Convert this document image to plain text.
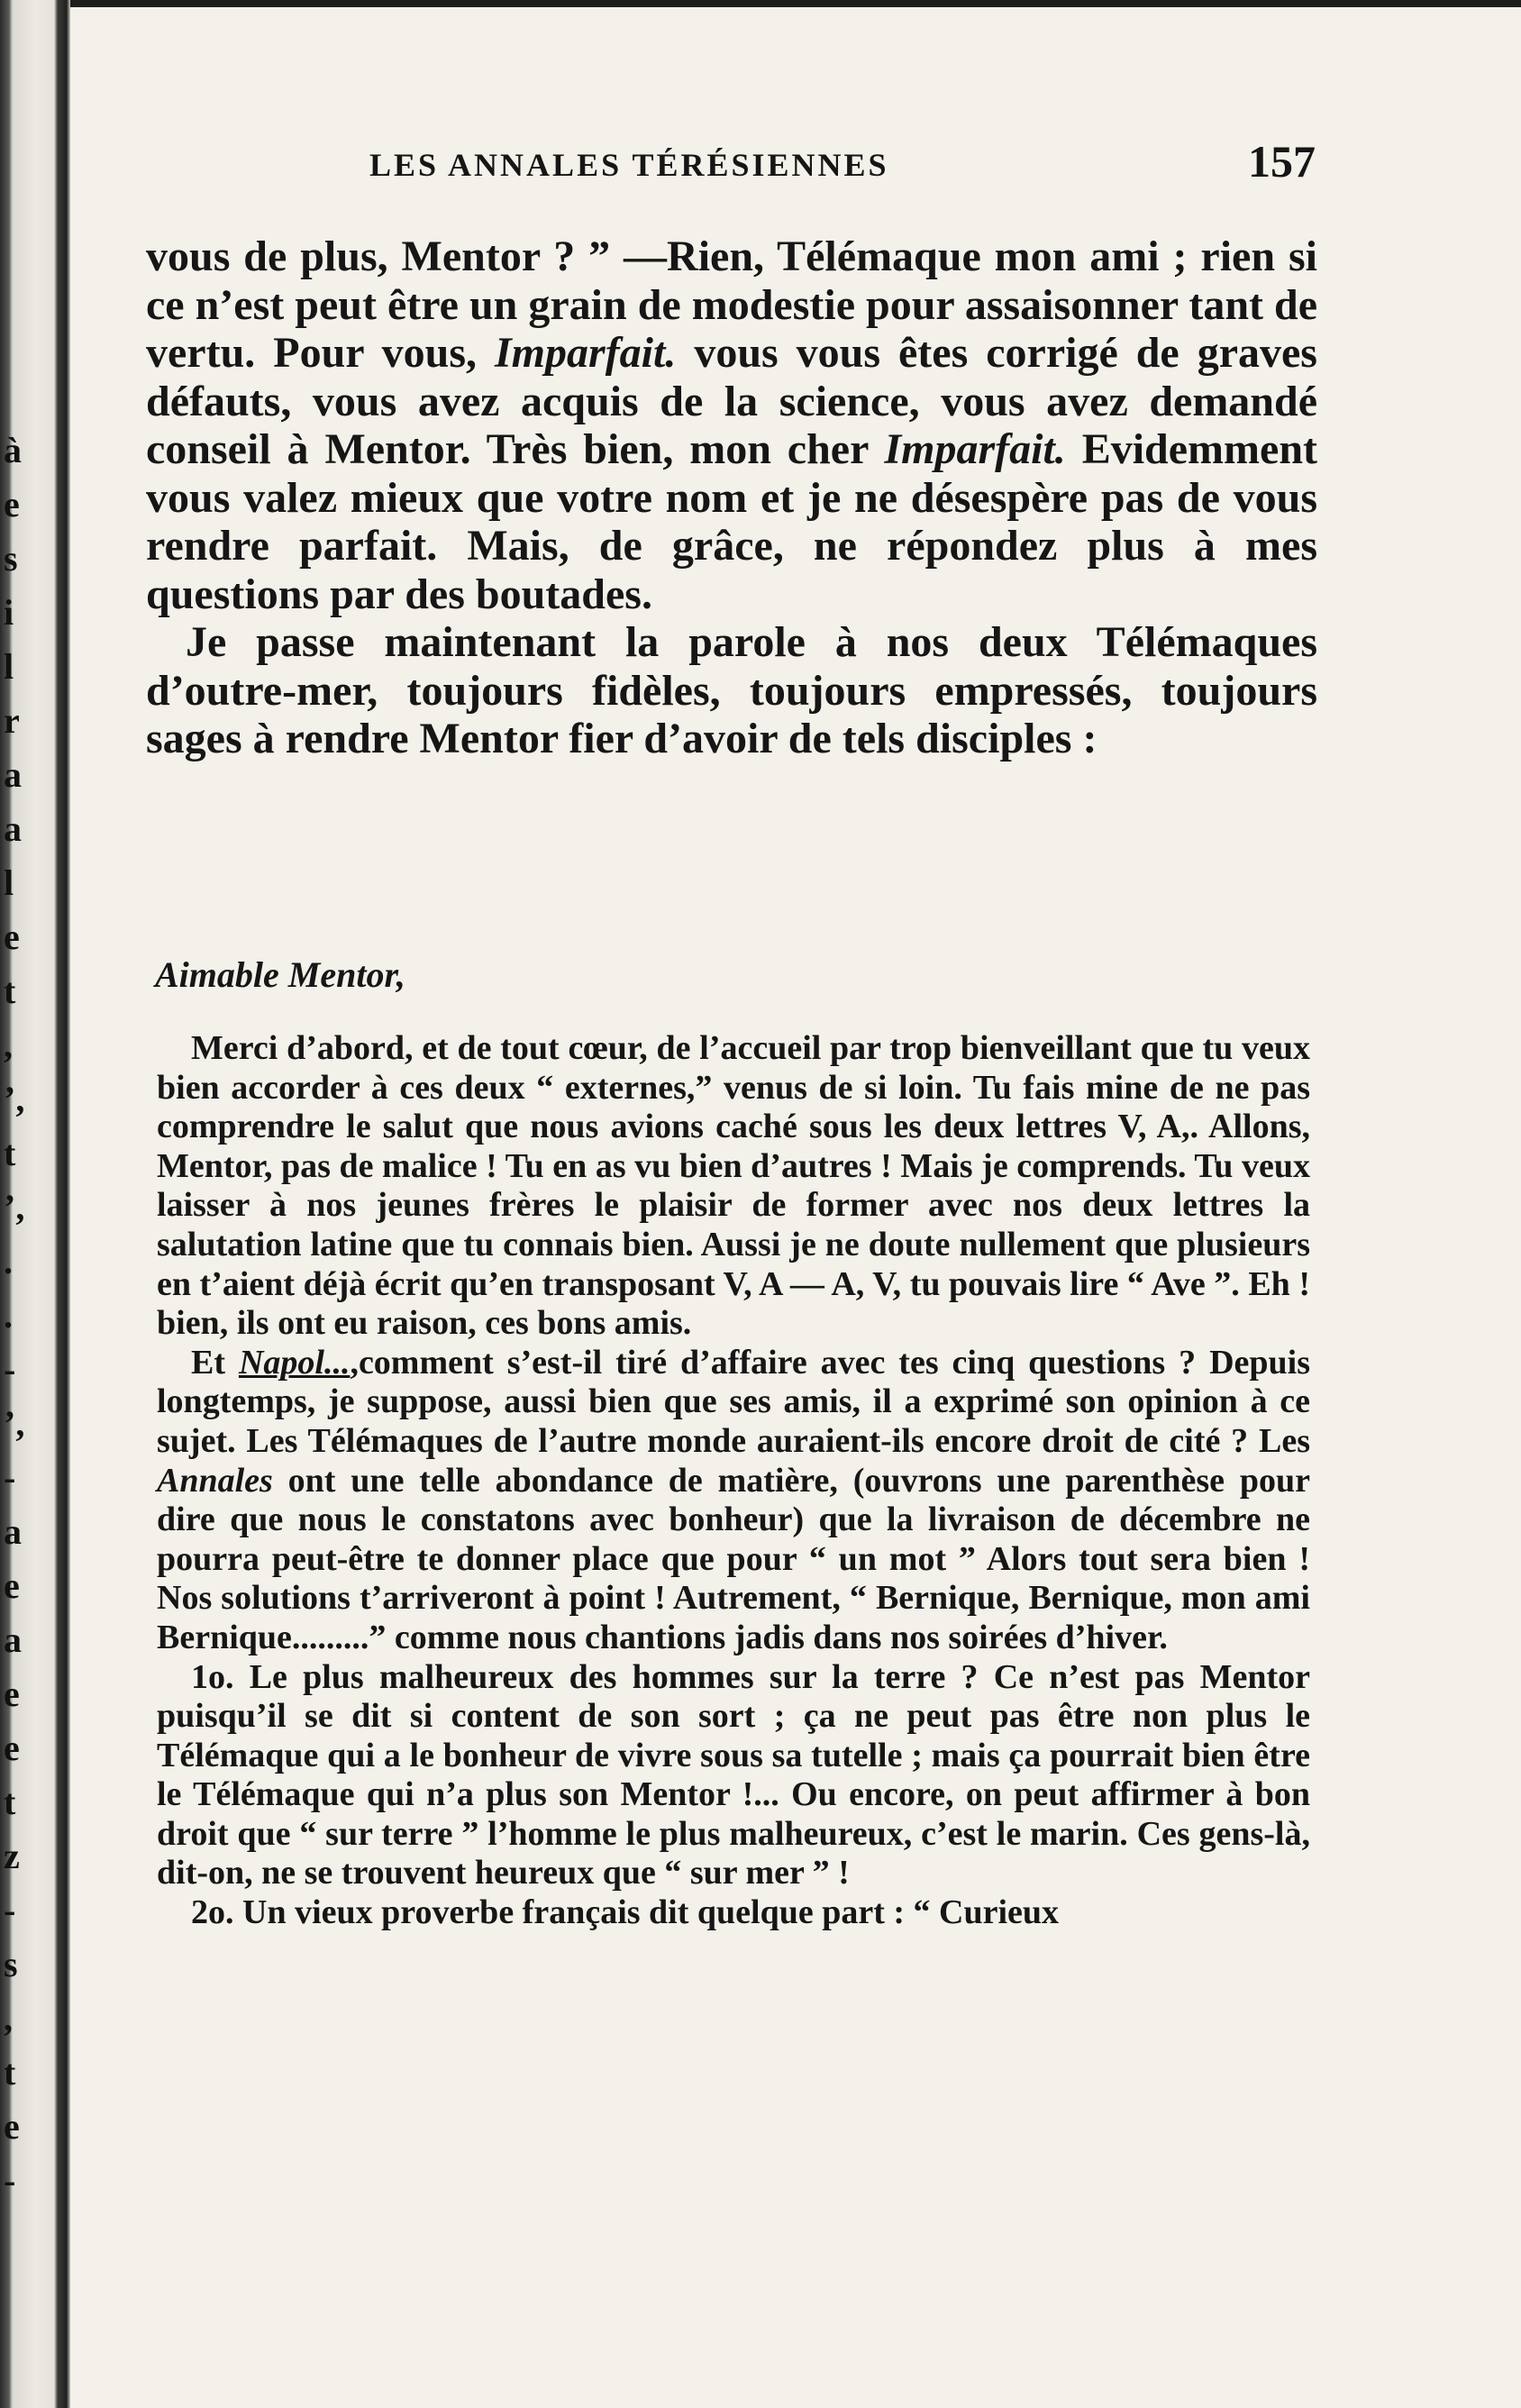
à
e
s
i
l
r
a
a
l
e
t
,
’,
t
’,
.
.
-
’,
-
a
e
a
e
e
t
z
-
s
,
t
e
-
LES ANNALES TÉRÉSIENNES	157

vous de plus, Mentor ? ” —Rien, Télémaque mon ami ; rien si ce n’est peut être un grain de modestie pour assaisonner tant de vertu. Pour vous, Imparfait. vous vous êtes corrigé de graves défauts, vous avez acquis de la science, vous avez demandé conseil à Mentor. Très bien, mon cher Imparfait. Evidemment vous valez mieux que votre nom et je ne désespère pas de vous rendre parfait. Mais, de grâce, ne répondez plus à mes questions par des boutades.

Je passe maintenant la parole à nos deux Télémaques d’outre-mer, toujours fidèles, toujours empressés, toujours sages à rendre Mentor fier d’avoir de tels disciples :

Aimable Mentor,

Merci d’abord, et de tout cœur, de l’accueil par trop bienveillant que tu veux bien accorder à ces deux “ externes,” venus de si loin. Tu fais mine de ne pas comprendre le salut que nous avions caché sous les deux lettres V, A,. Allons, Mentor, pas de malice ! Tu en as vu bien d’autres ! Mais je comprends. Tu veux laisser à nos jeunes frères le plaisir de former avec nos deux lettres la salutation latine que tu connais bien. Aussi je ne doute nullement que plusieurs en t’aient déjà écrit qu’en transposant V, A — A, V, tu pouvais lire “ Ave ”. Eh ! bien, ils ont eu raison, ces bons amis.

Et Napol...,comment s’est-il tiré d’affaire avec tes cinq questions ? Depuis longtemps, je suppose, aussi bien que ses amis, il a exprimé son opinion à ce sujet. Les Télémaques de l’autre monde auraient-ils encore droit de cité ? Les Annales ont une telle abondance de matière, (ouvrons une parenthèse pour dire que nous le constatons avec bonheur) que la livraison de décembre ne pourra peut-être te donner place que pour “ un mot ” Alors tout sera bien ! Nos solutions t’arriveront à point ! Autrement, “ Bernique, Bernique, mon ami Bernique.........” comme nous chantions jadis dans nos soirées d’hiver.

1o. Le plus malheureux des hommes sur la terre ? Ce n’est pas Mentor puisqu’il se dit si content de son sort ; ça ne peut pas être non plus le Télémaque qui a le bonheur de vivre sous sa tutelle ; mais ça pourrait bien être le Télémaque qui n’a plus son Mentor !... Ou encore, on peut affirmer à bon droit que “ sur terre ” l’homme le plus malheureux, c’est le marin. Ces gens-là, dit-on, ne se trouvent heureux que “ sur mer ” !

2o. Un vieux proverbe français dit quelque part : “ Curieux
